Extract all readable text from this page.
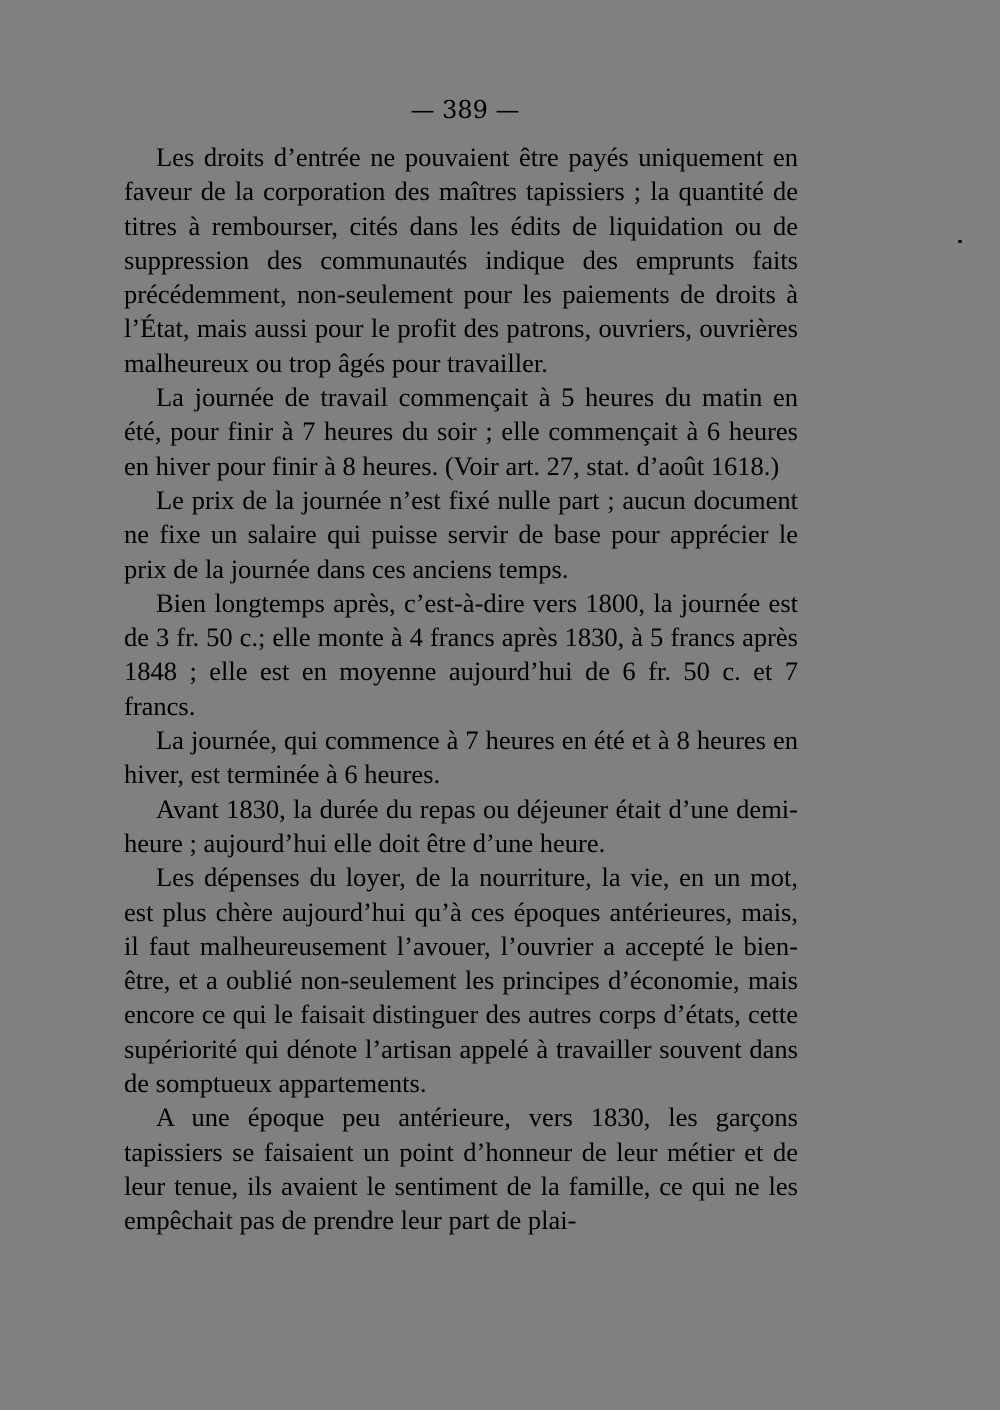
— 389 —

Les droits d’entrée ne pouvaient être payés uniquement en faveur de la corporation des maîtres tapissiers ; la quantité de titres à rembourser, cités dans les édits de liquidation ou de suppression des communautés indique des emprunts faits précédemment, non-seulement pour les paiements de droits à l’État, mais aussi pour le profit des patrons, ouvriers, ouvrières malheureux ou trop âgés pour travailler.

La journée de travail commençait à 5 heures du matin en été, pour finir à 7 heures du soir ; elle commençait à 6 heures en hiver pour finir à 8 heures. (Voir art. 27, stat. d’août 1618.)

Le prix de la journée n’est fixé nulle part ; aucun document ne fixe un salaire qui puisse servir de base pour apprécier le prix de la journée dans ces anciens temps.

Bien longtemps après, c’est-à-dire vers 1800, la journée est de 3 fr. 50 c.; elle monte à 4 francs après 1830, à 5 francs après 1848 ; elle est en moyenne aujourd’hui de 6 fr. 50 c. et 7 francs.

La journée, qui commence à 7 heures en été et à 8 heures en hiver, est terminée à 6 heures.

Avant 1830, la durée du repas ou déjeuner était d’une demi-heure ; aujourd’hui elle doit être d’une heure.

Les dépenses du loyer, de la nourriture, la vie, en un mot, est plus chère aujourd’hui qu’à ces époques antérieures, mais, il faut malheureusement l’avouer, l’ouvrier a accepté le bien-être, et a oublié non-seulement les principes d’économie, mais encore ce qui le faisait distinguer des autres corps d’états, cette supériorité qui dénote l’artisan appelé à travailler souvent dans de somptueux appartements.

A une époque peu antérieure, vers 1830, les garçons tapissiers se faisaient un point d’honneur de leur métier et de leur tenue, ils avaient le sentiment de la famille, ce qui ne les empêchait pas de prendre leur part de plai-
